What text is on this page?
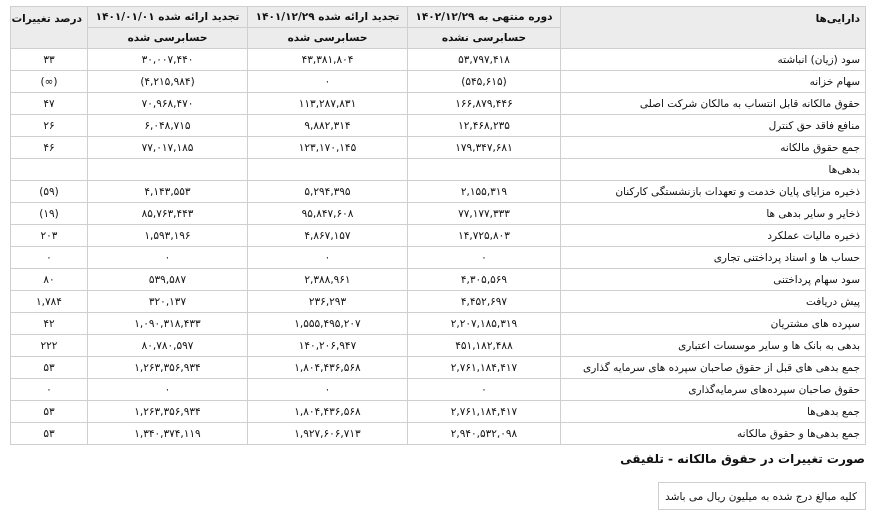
دارایی‌ها	دوره منتهی به ۱۴۰۲/۱۲/۲۹	تجدید ارائه شده ۱۴۰۱/۱۲/۲۹	تجدید ارائه شده ۱۴۰۱/۰۱/۰۱	درصد تغییرات
	حسابرسی نشده	حسابرسی شده	حسابرسی شده	
سود (زیان) انباشته	۵۳,۷۹۷,۴۱۸	۴۳,۳۸۱,۸۰۴	۳۰,۰۰۷,۴۴۰	۳۳
سهام خزانه	(۵۴۵,۶۱۵)	۰	(۴,۲۱۵,۹۸۴)	(∞)
حقوق مالکانه قابل انتساب به مالکان شرکت اصلی	۱۶۶,۸۷۹,۴۴۶	۱۱۳,۲۸۷,۸۳۱	۷۰,۹۶۸,۴۷۰	۴۷
منافع فاقد حق کنترل	۱۲,۴۶۸,۲۳۵	۹,۸۸۲,۳۱۴	۶,۰۴۸,۷۱۵	۲۶
جمع حقوق مالکانه	۱۷۹,۳۴۷,۶۸۱	۱۲۳,۱۷۰,۱۴۵	۷۷,۰۱۷,۱۸۵	۴۶
بدهی‌ها				
ذخیره مزایای پایان خدمت و تعهدات بازنشستگی کارکنان	۲,۱۵۵,۳۱۹	۵,۲۹۴,۳۹۵	۴,۱۴۳,۵۵۳	(۵۹)
ذخایر و سایر بدهی ها	۷۷,۱۷۷,۳۳۳	۹۵,۸۴۷,۶۰۸	۸۵,۷۶۳,۴۴۳	(۱۹)
ذخیره مالیات عملکرد	۱۴,۷۲۵,۸۰۳	۴,۸۶۷,۱۵۷	۱,۵۹۳,۱۹۶	۲۰۳
حساب ها و اسناد پرداختنی تجاری	۰	۰	۰	۰
سود سهام پرداختنی	۴,۳۰۵,۵۶۹	۲,۳۸۸,۹۶۱	۵۳۹,۵۸۷	۸۰
پیش دریافت	۴,۴۵۲,۶۹۷	۲۳۶,۲۹۳	۳۲۰,۱۳۷	۱,۷۸۴
سپرده های مشتریان	۲,۲۰۷,۱۸۵,۳۱۹	۱,۵۵۵,۴۹۵,۲۰۷	۱,۰۹۰,۳۱۸,۴۳۳	۴۲
بدهی به بانک ها و سایر موسسات اعتباری	۴۵۱,۱۸۲,۴۸۸	۱۴۰,۲۰۶,۹۴۷	۸۰,۷۸۰,۵۹۷	۲۲۲
جمع بدهی های قبل از حقوق صاحبان سپرده های سرمایه گذاری	۲,۷۶۱,۱۸۴,۴۱۷	۱,۸۰۴,۴۳۶,۵۶۸	۱,۲۶۳,۳۵۶,۹۳۴	۵۳
حقوق صاحبان سپرده‌های سرمایه‌گذاری	۰	۰	۰	۰
جمع بدهی‌ها	۲,۷۶۱,۱۸۴,۴۱۷	۱,۸۰۴,۴۳۶,۵۶۸	۱,۲۶۳,۳۵۶,۹۳۴	۵۳
جمع بدهی‌ها و حقوق مالکانه	۲,۹۴۰,۵۳۲,۰۹۸	۱,۹۲۷,۶۰۶,۷۱۳	۱,۳۴۰,۳۷۴,۱۱۹	۵۳
صورت تغییرات در حقوق مالکانه - تلفیقی
کلیه مبالغ درج شده به میلیون ریال می باشد
